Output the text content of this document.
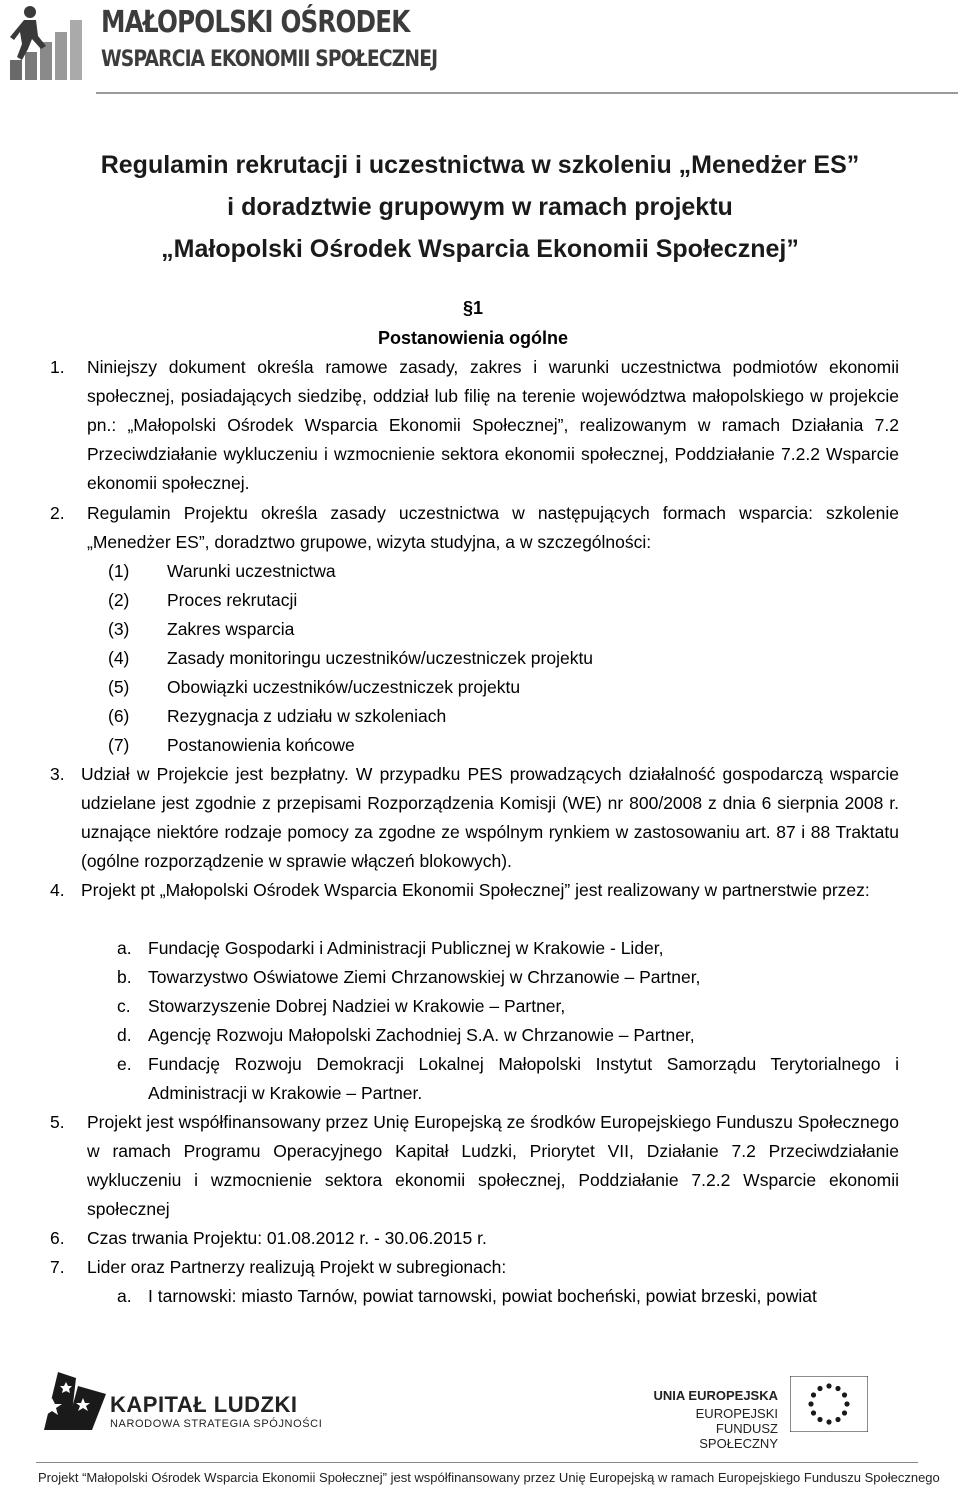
MAŁOPOLSKI OŚRODEK

WSPARCIA EKONOMII SPOŁECZNEJ

Regulamin rekrutacji i uczestnictwa w szkoleniu „Menedżer ES”
i doradztwie grupowym w ramach projektu
„Małopolski Ośrodek Wsparcia Ekonomii Społecznej”

§1

Postanowienia ogólne

1. Niniejszy dokument określa ramowe zasady, zakres i warunki uczestnictwa podmiotów ekonomii społecznej, posiadających siedzibę, oddział lub filię na terenie województwa małopolskiego w projekcie pn.: „Małopolski Ośrodek Wsparcia Ekonomii Społecznej”, realizowanym w ramach Działania 7.2 Przeciwdziałanie wykluczeniu i wzmocnienie sektora ekonomii społecznej, Poddziałanie 7.2.2 Wsparcie ekonomii społecznej.

2. Regulamin Projektu określa zasady uczestnictwa w następujących formach wsparcia: szkolenie „Menedżer ES”, doradztwo grupowe, wizyta studyjna, a w szczególności:

(1) Warunki uczestnictwa

(2) Proces rekrutacji

(3) Zakres wsparcia

(4) Zasady monitoringu uczestników/uczestniczek projektu

(5) Obowiązki uczestników/uczestniczek projektu

(6) Rezygnacja z udziału w szkoleniach

(7) Postanowienia końcowe

3. Udział w Projekcie jest bezpłatny. W przypadku PES prowadzących działalność gospodarczą wsparcie udzielane jest zgodnie z przepisami Rozporządzenia Komisji (WE) nr 800/2008 z dnia 6 sierpnia 2008 r. uznające niektóre rodzaje pomocy za zgodne ze wspólnym rynkiem w zastosowaniu art. 87 i 88 Traktatu (ogólne rozporządzenie w sprawie włączeń blokowych).

4. Projekt pt „Małopolski Ośrodek Wsparcia Ekonomii Społecznej” jest realizowany w partnerstwie przez:

a. Fundację Gospodarki i Administracji Publicznej w Krakowie - Lider,

b. Towarzystwo Oświatowe Ziemi Chrzanowskiej w Chrzanowie – Partner,

c. Stowarzyszenie Dobrej Nadziei w Krakowie – Partner,

d. Agencję Rozwoju Małopolski Zachodniej S.A. w Chrzanowie – Partner,

e. Fundację Rozwoju Demokracji Lokalnej Małopolski Instytut Samorządu Terytorialnego i Administracji w Krakowie – Partner.

5. Projekt jest współfinansowany przez Unię Europejską ze środków Europejskiego Funduszu Społecznego w ramach Programu Operacyjnego Kapitał Ludzki, Priorytet VII, Działanie 7.2 Przeciwdziałanie wykluczeniu i wzmocnienie sektora ekonomii społecznej, Poddziałanie 7.2.2 Wsparcie ekonomii społecznej

6. Czas trwania Projektu: 01.08.2012 r. - 30.06.2015 r.

7. Lider oraz Partnerzy realizują Projekt w subregionach:

a. I tarnowski: miasto Tarnów, powiat tarnowski, powiat bocheński, powiat brzeski, powiat

KAPITAŁ LUDZKI

NARODOWA STRATEGIA SPÓJNOŚCI

UNIA EUROPEJSKA

EUROPEJSKI

FUNDUSZ SPOŁECZNY

Projekt “Małopolski Ośrodek Wsparcia Ekonomii Społecznej” jest współfinansowany przez Unię Europejską w ramach Europejskiego Funduszu Społecznego
